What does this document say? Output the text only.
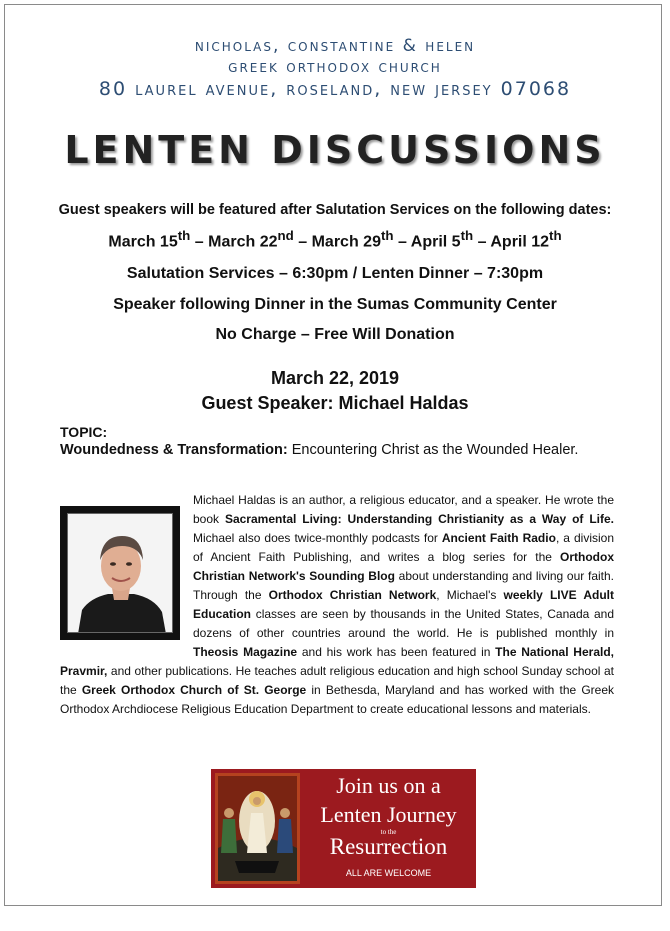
nicholas, constantine & helen
greek orthodox church
80 laurel avenue, roseland, new jersey 07068
LENTEN DISCUSSIONS
Guest speakers will be featured after Salutation Services on the following dates:
March 15th – March 22nd – March 29th – April 5th – April 12th
Salutation Services – 6:30pm / Lenten Dinner – 7:30pm
Speaker following Dinner in the Sumas Community Center
No Charge – Free Will Donation
March 22, 2019
Guest Speaker: Michael Haldas
TOPIC:
Woundedness & Transformation: Encountering Christ as the Wounded Healer.
Michael Haldas is an author, a religious educator, and a speaker. He wrote the book Sacramental Living: Understanding Christianity as a Way of Life. Michael also does twice-monthly podcasts for Ancient Faith Radio, a division of Ancient Faith Publishing, and writes a blog series for the Orthodox Christian Network's Sounding Blog about understanding and living our faith. Through the Orthodox Christian Network, Michael's weekly LIVE Adult Education classes are seen by thousands in the United States, Canada and dozens of other countries around the world. He is published monthly in Theosis Magazine and his work has been featured in The National Herald, Pravmir, and other publications. He teaches adult religious education and high school Sunday school at the Greek Orthodox Church of St. George in Bethesda, Maryland and has worked with the Greek Orthodox Archdiocese Religious Education Department to create educational lessons and materials.
Join us on a
Lenten Journey
to the
Resurrection
ALL ARE WELCOME
